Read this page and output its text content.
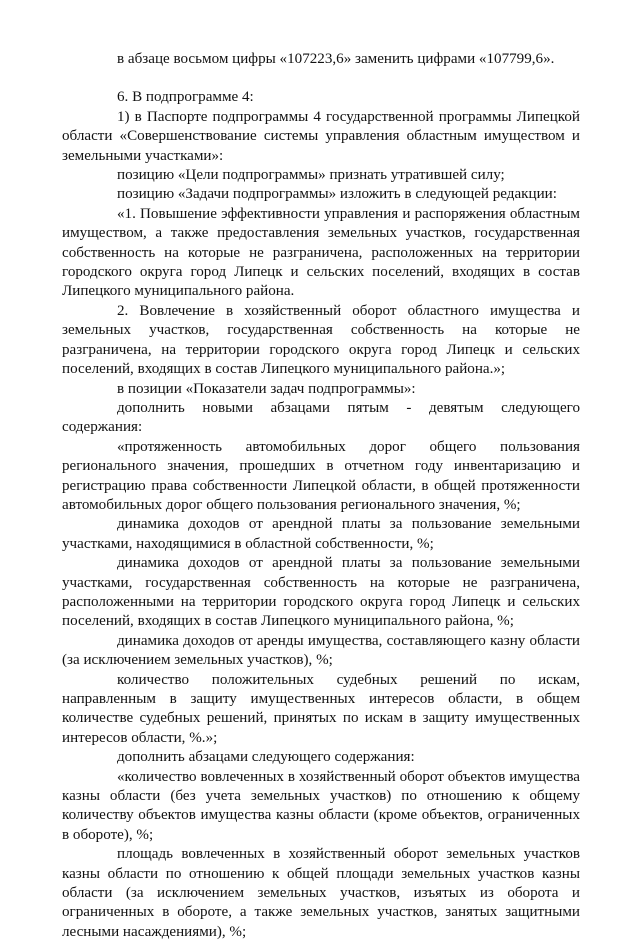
в абзаце восьмом цифры «107223,6» заменить цифрами «107799,6».

6. В подпрограмме 4:

1) в Паспорте подпрограммы 4 государственной программы Липецкой области «Совершенствование системы управления областным имуществом и земельными участками»:

позицию «Цели подпрограммы» признать утратившей силу;

позицию «Задачи подпрограммы» изложить в следующей редакции:

«1. Повышение эффективности управления и распоряжения областным имуществом, а также предоставления земельных участков, государственная собственность на которые не разграничена, расположенных на территории городского округа город Липецк и сельских поселений, входящих в состав Липецкого муниципального района.

2. Вовлечение в хозяйственный оборот областного имущества и земельных участков, государственная собственность на которые не разграничена, на территории городского округа город Липецк и сельских поселений, входящих в состав Липецкого муниципального района.»;

в позиции «Показатели задач подпрограммы»:

дополнить новыми абзацами пятым - девятым следующего содержания:

«протяженность автомобильных дорог общего пользования регионального значения, прошедших в отчетном году инвентаризацию и регистрацию права собственности Липецкой области, в общей протяженности автомобильных дорог общего пользования регионального значения, %;

динамика доходов от арендной платы за пользование земельными участками, находящимися в областной собственности, %;

динамика доходов от арендной платы за пользование земельными участками, государственная собственность на которые не разграничена, расположенными на территории городского округа город Липецк и сельских поселений, входящих в состав Липецкого муниципального района, %;

динамика доходов от аренды имущества, составляющего казну области (за исключением земельных участков), %;

количество положительных судебных решений по искам, направленным в защиту имущественных интересов области, в общем количестве судебных решений, принятых по искам в защиту имущественных интересов области, %.»;

дополнить абзацами следующего содержания:

«количество вовлеченных в хозяйственный оборот объектов имущества казны области (без учета земельных участков) по отношению к общему количеству объектов имущества казны области (кроме объектов, ограниченных в обороте), %;

площадь вовлеченных в хозяйственный оборот земельных участков казны области по отношению к общей площади земельных участков казны области (за исключением земельных участков, изъятых из оборота и ограниченных в обороте, а также земельных участков, занятых защитными лесными насаждениями), %;
